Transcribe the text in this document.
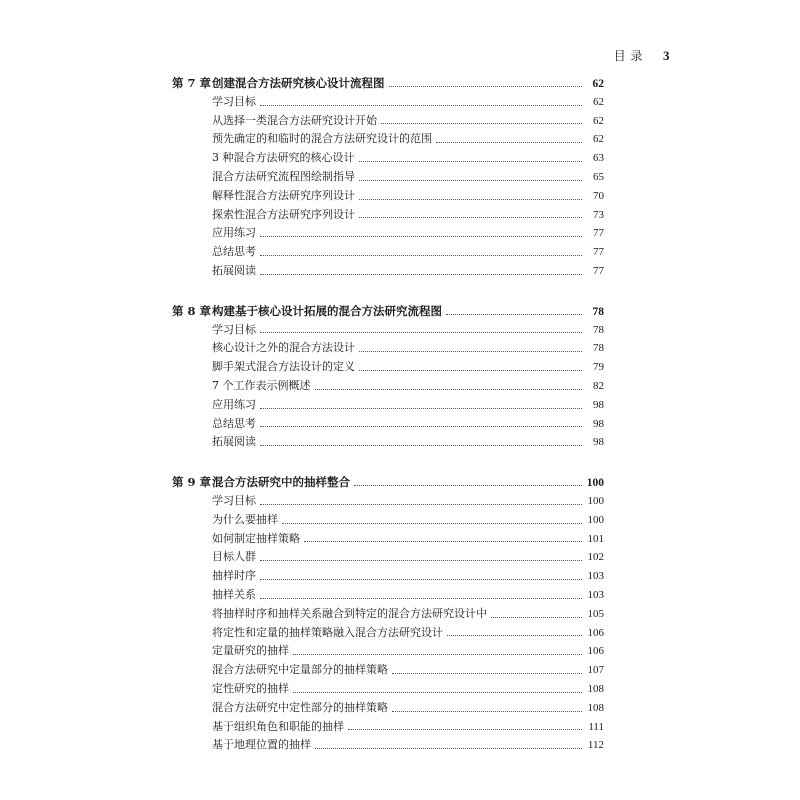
目 录 3
第 7 章 创建混合方法研究核心设计流程图	62
学习目标	62
从选择一类混合方法研究设计开始	62
预先确定的和临时的混合方法研究设计的范围	62
3 种混合方法研究的核心设计	63
混合方法研究流程图绘制指导	65
解释性混合方法研究序列设计	70
探索性混合方法研究序列设计	73
应用练习	77
总结思考	77
拓展阅读	77
第 8 章 构建基于核心设计拓展的混合方法研究流程图	78
学习目标	78
核心设计之外的混合方法设计	78
脚手架式混合方法设计的定义	79
7 个工作表示例概述	82
应用练习	98
总结思考	98
拓展阅读	98
第 9 章 混合方法研究中的抽样整合	100
学习目标	100
为什么要抽样	100
如何制定抽样策略	101
目标人群	102
抽样时序	103
抽样关系	103
将抽样时序和抽样关系融合到特定的混合方法研究设计中	105
将定性和定量的抽样策略融入混合方法研究设计	106
定量研究的抽样	106
混合方法研究中定量部分的抽样策略	107
定性研究的抽样	108
混合方法研究中定性部分的抽样策略	108
基于组织角色和职能的抽样	111
基于地理位置的抽样	112
